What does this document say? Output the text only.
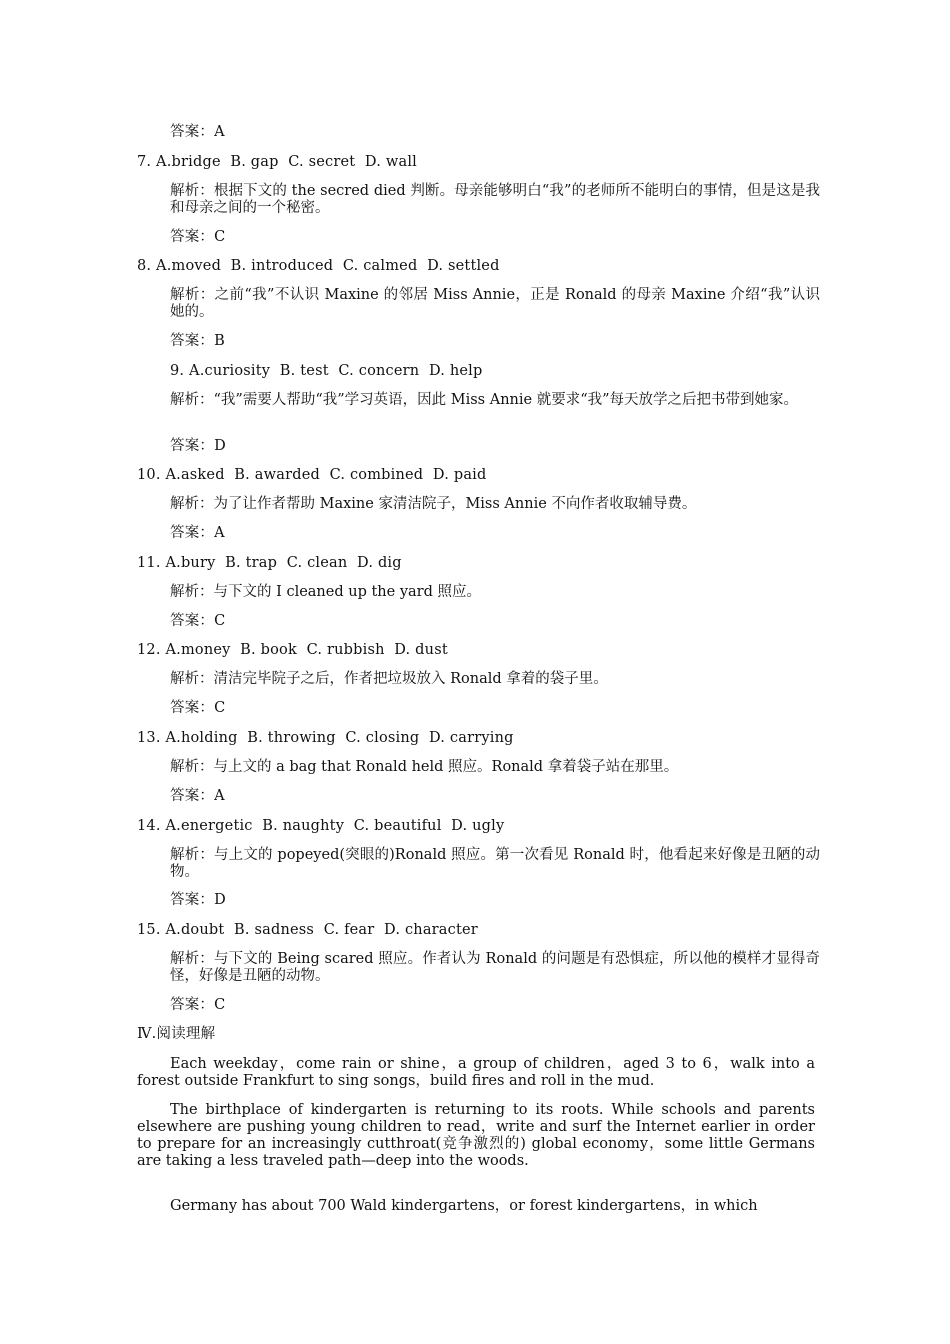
答案：A
7. A.bridge  B. gap  C. secret  D. wall
解析：根据下文的 the secred died 判断。母亲能够明白“我”的老师所不能明白的事情，但是这是我和母亲之间的一个秘密。
答案：C
8. A.moved  B. introduced  C. calmed  D. settled
解析：之前“我”不认识 Maxine 的邻居 Miss Annie，正是 Ronald 的母亲 Maxine 介绍“我”认识她的。
答案：B
9. A.curiosity  B. test  C. concern  D. help
解析：“我”需要人帮助“我”学习英语，因此 Miss Annie 就要求“我”每天放学之后把书带到她家。
答案：D
10. A.asked  B. awarded  C. combined  D. paid
解析：为了让作者帮助 Maxine 家清洁院子，Miss Annie 不向作者收取辅导费。
答案：A
11. A.bury  B. trap  C. clean  D. dig
解析：与下文的 I cleaned up the yard 照应。
答案：C
12. A.money  B. book  C. rubbish  D. dust
解析：清洁完毕院子之后，作者把垃圾放入 Ronald 拿着的袋子里。
答案：C
13. A.holding  B. throwing  C. closing  D. carrying
解析：与上文的 a bag that Ronald held 照应。Ronald 拿着袋子站在那里。
答案：A
14. A.energetic  B. naughty  C. beautiful  D. ugly
解析：与上文的 popeyed(突眼的)Ronald 照应。第一次看见 Ronald 时，他看起来好像是丑陋的动物。
答案：D
15. A.doubt  B. sadness  C. fear  D. character
解析：与下文的 Being scared 照应。作者认为 Ronald 的问题是有恐惧症，所以他的模样才显得奇怪，好像是丑陋的动物。
答案：C
Ⅳ.阅读理解
Each weekday，come rain or shine，a group of children，aged 3 to 6，walk into a forest outside Frankfurt to sing songs，build fires and roll in the mud.
The birthplace of kindergarten is returning to its roots. While schools and parents elsewhere are pushing young children to read，write and surf the Internet earlier in order to prepare for an increasingly cutthroat(竞争激烈的) global economy，some little Germans are taking a less traveled path—deep into the woods.
Germany has about 700 Wald kindergartens，or forest kindergartens，in which
